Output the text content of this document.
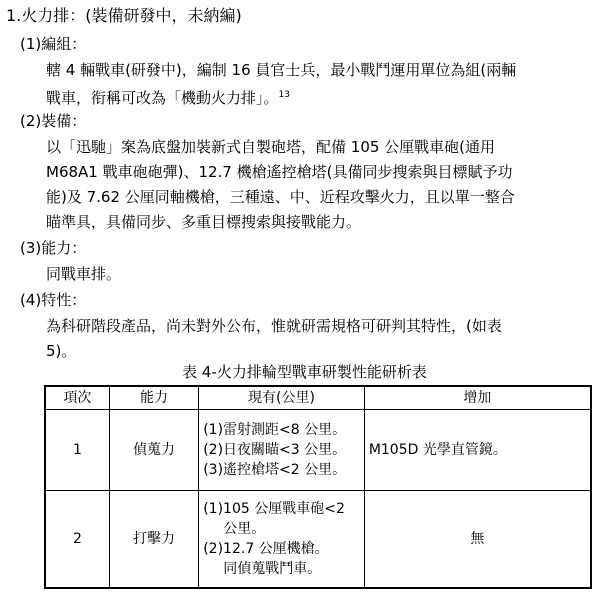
1.火力排：(裝備研發中，未納編)
(1)編組：
轄 4 輛戰車(研發中)，編制 16 員官士兵，最小戰鬥運用單位為組(兩輛
戰車，衔稱可改為「機動火力排」。$^{13}$
(2)裝備：
以「迅馳」案為底盤加裝新式自製砲塔，配備 105 公厘戰車砲(通用
M68A1 戰車砲砲彈)、12.7 機槍遙控槍塔(具備同步搜索與目標賦予功
能)及 7.62 公厘同軸機槍，三種遠、中、近程攻擊火力，且以單一整合
瞄準具，具備同步、多重目標搜索與接戰能力。
(3)能力：
同戰車排。
(4)特性：
為科研階段產品，尚未對外公布，惟就研需規格可研判其特性，(如表
5)。
表 4-火力排輪型戰車研製性能研析表
項次	能力	現有(公里)	增加
1	偵蒐力	(1)雷射測距<8 公里。
(2)日夜關瞄<3 公里。
(3)遙控槍塔<2 公里。	M105D 光學直管鏡。
2	打擊力	(1)105 公厘戰車砲<2
公里。
(2)12.7 公厘機槍。
同偵蒐戰鬥車。	無
